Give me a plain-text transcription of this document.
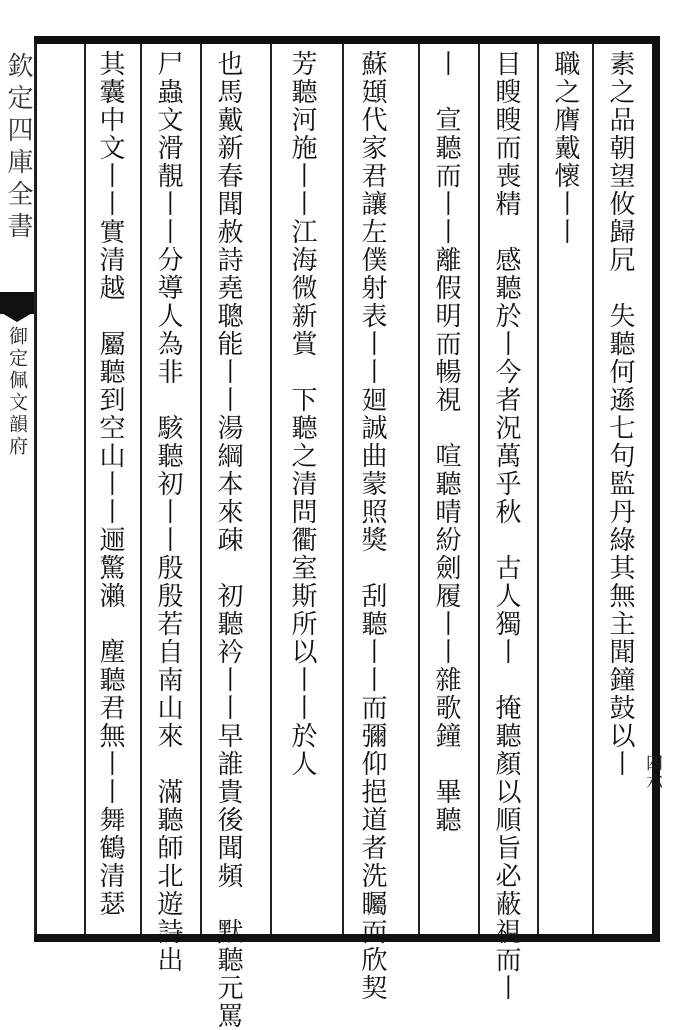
欽定四庫全書
御定佩文韻府
四六
素之品朝望攸歸凥　失聽何遜七句監丹綠其無主聞鐘鼓以丨
職之膺戴懷丨丨
目瞍瞍而喪精　感聽於丨今者況萬乎秋　古人獨丨　掩聽顏以順旨必蔽視而丨
丨　宣聽而丨丨離假明而暢視　喧聽晴紛劍履丨丨雜歌鐘　畢聽
蘇頲代家君讓左僕射表丨丨廻誠曲蒙照獎　刮聽丨丨而彌仰挹道者洗矚而欣契
芳聽河施丨丨江海微新賞　下聽之清問衢室斯所以丨丨於人
也馬戴新春聞赦詩堯聰能丨丨湯綱本來疎　初聽衿丨丨早誰貴後聞頻　默聽元罵
尸蟲文滑靚丨丨分導人為非　駭聽初丨丨殷殷若自南山來　滿聽師北遊詩出
其囊中文丨丨實清越　屬聽到空山丨丨逦驚瀨　塵聽君無丨丨舞鶴清瑟
